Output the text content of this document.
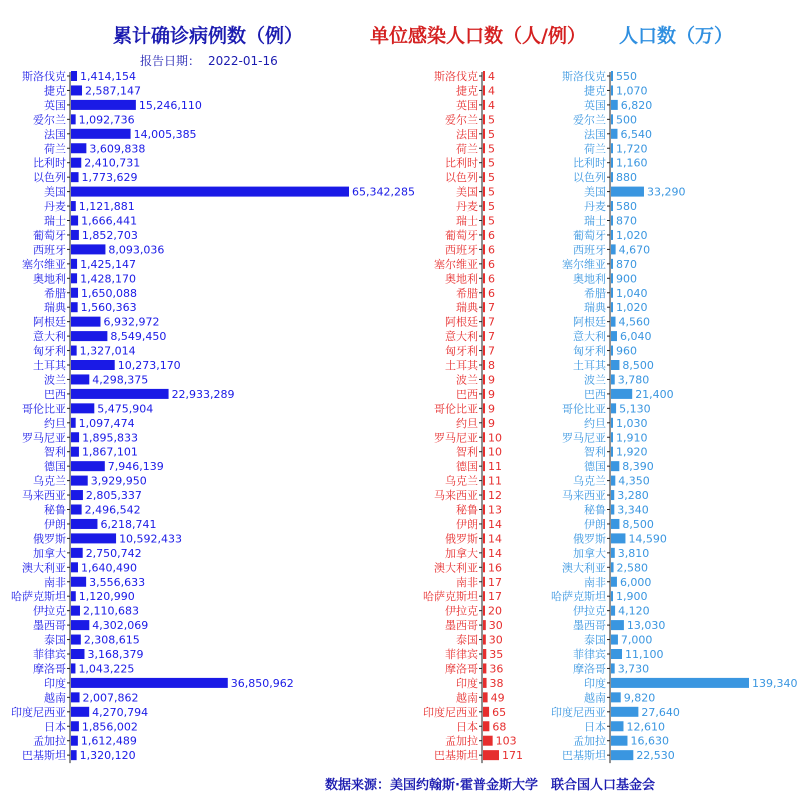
累计确诊病例数（例）	单位感染人口数（人/例） 人口数（万）
报告日期： 2022-01-16
斯洛伐克 1,414,154
捷克 2,587,147
英国	15,246,110
爱尔兰 1,092,736
法国	14,005,385
荷兰 3,609,838
比利时 2,410,731
以色列 1,773,629
美国	65,342,285
丹麦 1,121,881
瑞士 1,666,441
葡萄牙 1,852,703
西班牙	8,093,036
塞尔维亚 1,425,147
奥地利 1,428,170
希腊 1,650,088
瑞典 1,560,363
阿根廷	6,932,972
意大利	8,549,450
匈牙利 1,327,014
土耳其	10,273,170
波兰 4,298,375
巴西	22,933,289
哥伦比亚	5,475,904
约旦 1,097,474
罗马尼亚 1,895,833
智利 1,867,101
德国	7,946,139
乌克兰 3,929,950
马来西亚 2,805,337
秘鲁 2,496,542
伊朗	6,218,741
俄罗斯	10,592,433
加拿大 2,750,742
澳大利亚 1,640,490
南非 3,556,633
哈萨克斯坦 1,120,990
伊拉克 2,110,683
墨西哥 4,302,069
泰国 2,308,615
菲律宾 3,168,379
摩洛哥 1,043,225
印度	36,850,962
越南 2,007,862
印度尼西亚 4,270,794
日本 1,856,002
孟加拉 1,612,489
巴基斯坦 1,320,120
斯洛伐克 4
捷克 4
英国 4
爱尔兰 5
法国 5
荷兰 5
比利时 5
以色列 5
美国 5
丹麦 5
瑞士 5
葡萄牙 6
西班牙 6
塞尔维亚 6
奥地利 6
希腊 6
瑞典 7
阿根廷 7
意大利 7
匈牙利 7
土耳其 8
波兰 9
巴西 9
哥伦比亚 9
约旦 9
罗马尼亚 10
智利 10
德国 11
乌克兰 11
马来西亚 12
秘鲁 13
伊朗 14
俄罗斯 14
加拿大 14
澳大利亚 16
南非 17
哈萨克斯坦 17
伊拉克 20
墨西哥 30
泰国 30
菲律宾 35
摩洛哥 36
印度 38
越南 49
印度尼西亚 65
日本 68
孟加拉 103
巴基斯坦 171
斯洛伐克 550
捷克 1,070
英国 6,820
爱尔兰 500
法国 6,540
荷兰 1,720
比利时 1,160
以色列 880
美国	33,290
丹麦 580
瑞士 870
葡萄牙 1,020
西班牙 4,670
塞尔维亚 870
奥地利 900
希腊 1,040
瑞典 1,020
阿根廷 4,560
意大利 6,040
匈牙利 960
土耳其 8,500
波兰 3,780
巴西	21,400
哥伦比亚 5,130
约旦 1,030
罗马尼亚 1,910
智利 1,920
德国 8,390
乌克兰 4,350
马来西亚 3,280
秘鲁 3,340
伊朗 8,500
俄罗斯 14,590
加拿大 3,810
澳大利亚 2,580
南非 6,000
哈萨克斯坦 1,900
伊拉克 4,120
墨西哥 13,030
泰国 7,000
菲律宾 11,100
摩洛哥 3,730
印度	139,340
越南 9,820
印度尼西亚	27,640
日本 12,610
孟加拉 16,630
巴基斯坦	22,530
数据来源：美国约翰斯·霍普金斯大学　联合国人口基金会
